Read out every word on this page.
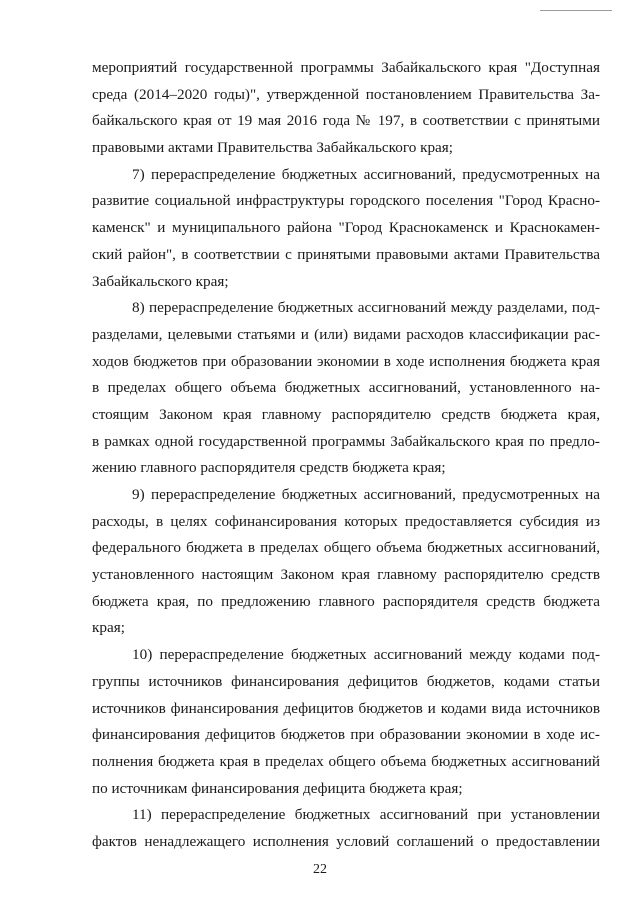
мероприятий государственной программы Забайкальского края "Доступная
среда (2014–2020 годы)", утвержденной постановлением Правительства За-
байкальского края от 19 мая 2016 года № 197, в соответствии с принятыми
правовыми актами Правительства Забайкальского края;
7) перераспределение бюджетных ассигнований, предусмотренных на
развитие социальной инфраструктуры городского поселения "Город Красно-
каменск" и муниципального района "Город Краснокаменск и Краснокамен-
ский район", в соответствии с принятыми правовыми актами Правительства
Забайкальского края;
8) перераспределение бюджетных ассигнований между разделами, под-
разделами, целевыми статьями и (или) видами расходов классификации рас-
ходов бюджетов при образовании экономии в ходе исполнения бюджета края
в пределах общего объема бюджетных ассигнований, установленного на-
стоящим Законом края главному распорядителю средств бюджета края,
в рамках одной государственной программы Забайкальского края по предло-
жению главного распорядителя средств бюджета края;
9) перераспределение бюджетных ассигнований, предусмотренных на
расходы, в целях софинансирования которых предоставляется субсидия из
федерального бюджета в пределах общего объема бюджетных ассигнований,
установленного настоящим Законом края главному распорядителю средств
бюджета края, по предложению главного распорядителя средств бюджета
края;
10) перераспределение бюджетных ассигнований между кодами под-
группы источников финансирования дефицитов бюджетов, кодами статьи
источников финансирования дефицитов бюджетов и кодами вида источников
финансирования дефицитов бюджетов при образовании экономии в ходе ис-
полнения бюджета края в пределах общего объема бюджетных ассигнований
по источникам финансирования дефицита бюджета края;
11) перераспределение бюджетных ассигнований при установлении
фактов ненадлежащего исполнения условий соглашений о предоставлении
22
